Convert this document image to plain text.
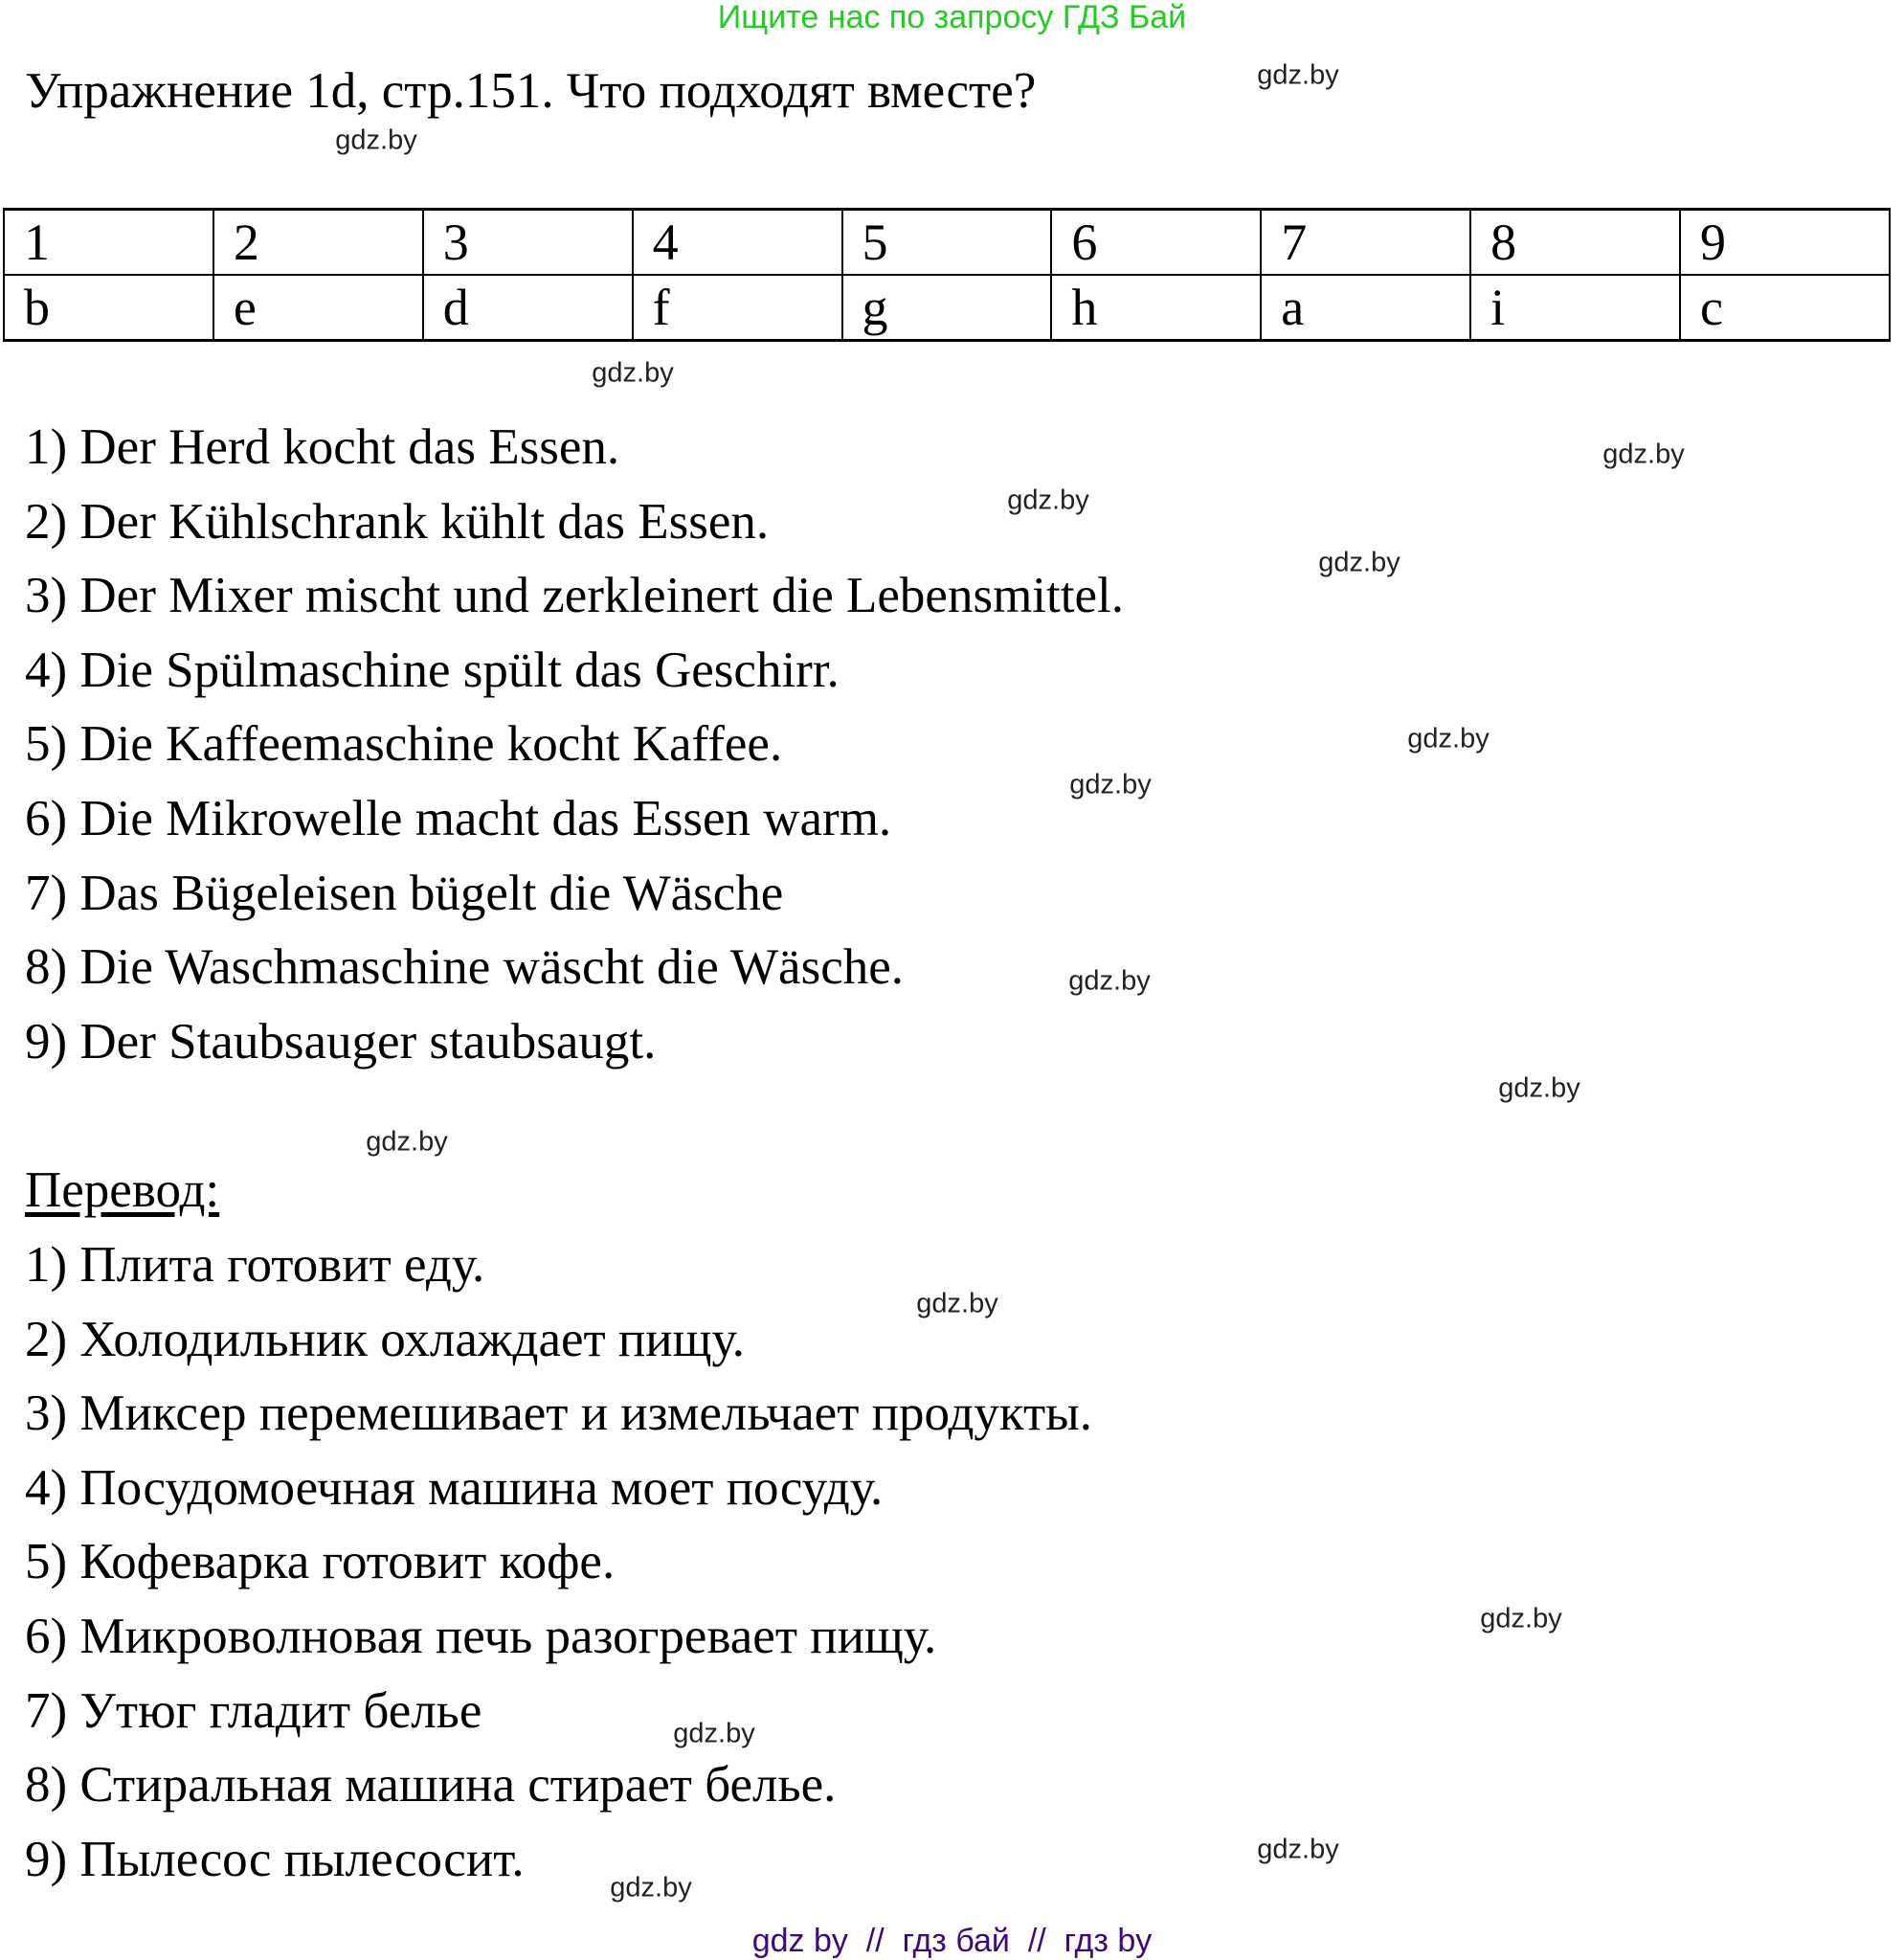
Ищите нас по запросу ГДЗ Бай
Упражнение 1d, стр.151. Что подходят вместе?
1	2	3	4	5	6	7	8	9
b	e	d	f	g	h	a	i	c
1) Der Herd kocht das Essen.
2) Der Kühlschrank kühlt das Essen.
3) Der Mixer mischt und zerkleinert die Lebensmittel.
4) Die Spülmaschine spült das Geschirr.
5) Die Kaffeemaschine kocht Kaffee.
6) Die Mikrowelle macht das Essen warm.
7) Das Bügeleisen bügelt die Wäsche
8) Die Waschmaschine wäscht die Wäsche.
9) Der Staubsauger staubsaugt.
Перевод:
1) Плита готовит еду.
2) Холодильник охлаждает пищу.
3) Миксер перемешивает и измельчает продукты.
4) Посудомоечная машина моет посуду.
5) Кофеварка готовит кофе.
6) Микроволновая печь разогревает пищу.
7) Утюг гладит белье
8) Стиральная машина стирает белье.
9) Пылесос пылесосит.
gdz.by
gdz.by
gdz.by
gdz.by
gdz.by
gdz.by
gdz.by
gdz.by
gdz.by
gdz.by
gdz.by
gdz.by
gdz.by
gdz.by
gdz.by
gdz.by
gdz by  //  гдз бай  //  гдз by
